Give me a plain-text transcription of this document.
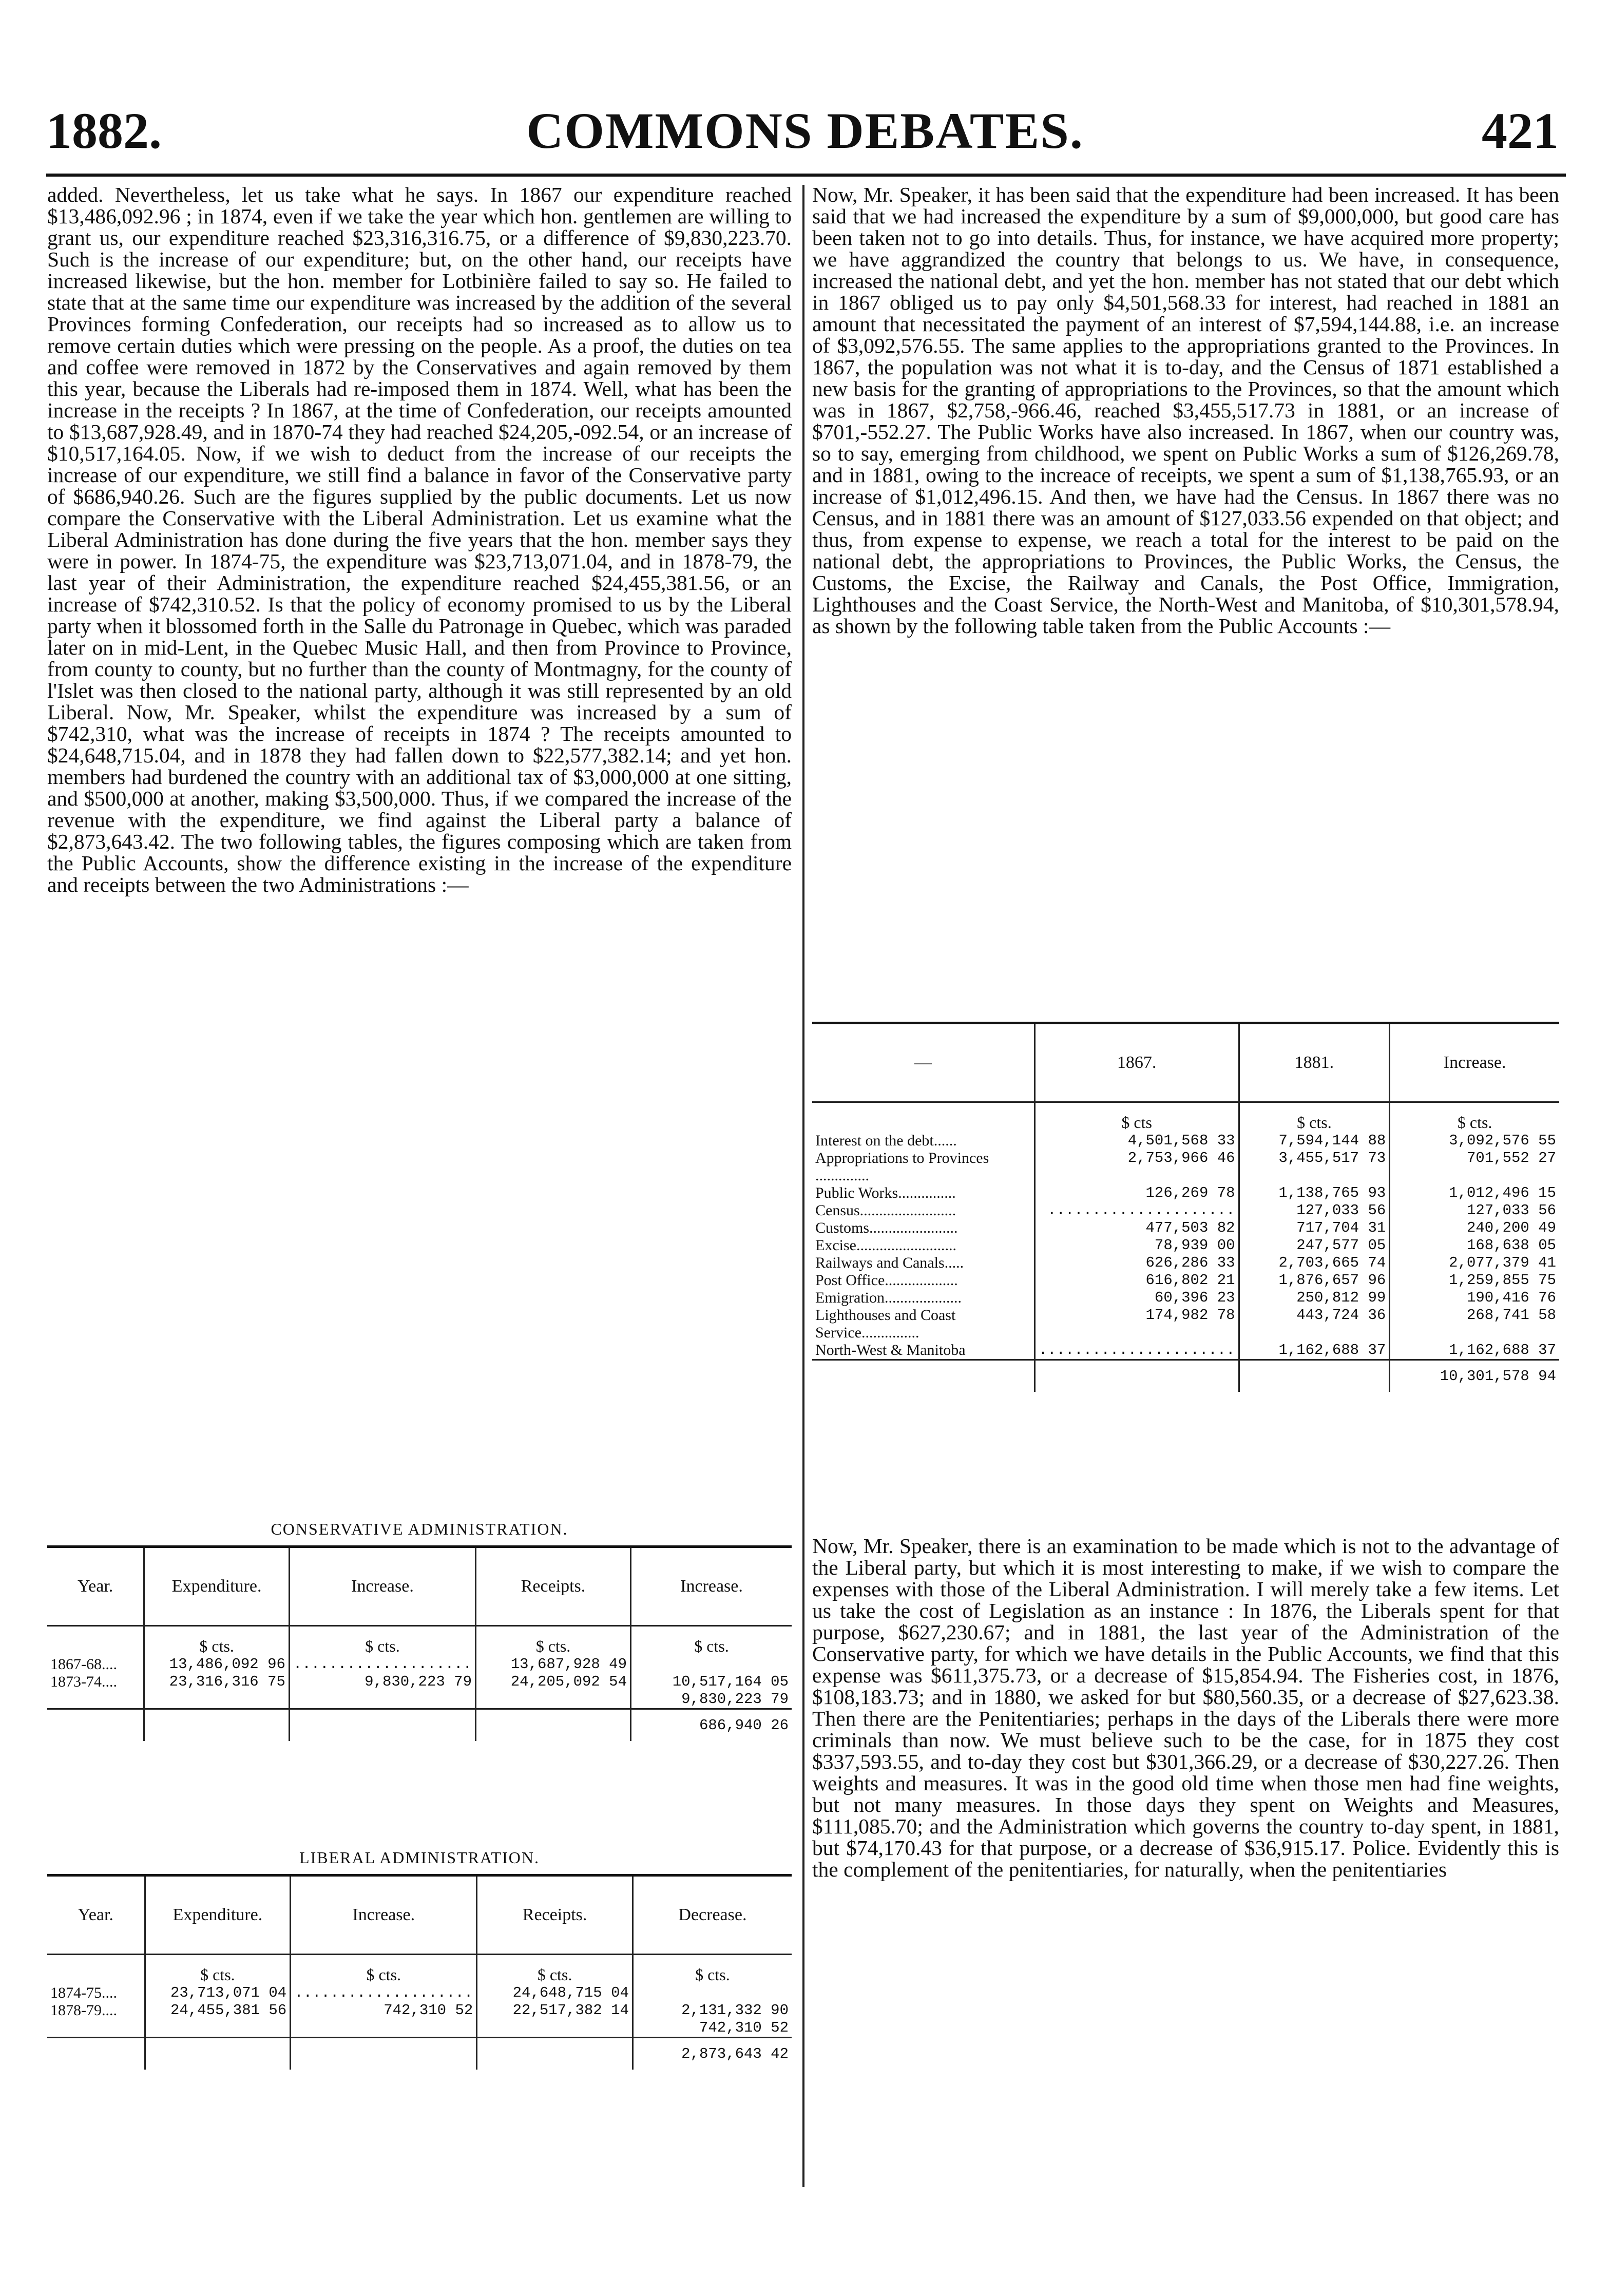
1882.	COMMONS DEBATES.	421

added. Nevertheless, let us take what he says. In 1867 our expenditure reached $13,486,092.96 ; in 1874, even if we take the year which hon. gentlemen are willing to grant us, our expenditure reached $23,316,316.75, or a difference of $9,830,223.70. Such is the increase of our expenditure; but, on the other hand, our receipts have increased likewise, but the hon. member for Lotbinière failed to say so. He failed to state that at the same time our expenditure was increased by the addition of the several Provinces forming Confederation, our receipts had so increased as to allow us to remove certain duties which were pressing on the people. As a proof, the duties on tea and coffee were removed in 1872 by the Conservatives and again removed by them this year, because the Liberals had re-imposed them in 1874. Well, what has been the increase in the receipts ? In 1867, at the time of Confederation, our receipts amounted to $13,687,928.49, and in 1870-74 they had reached $24,205,-092.54, or an increase of $10,517,164.05. Now, if we wish to deduct from the increase of our receipts the increase of our expenditure, we still find a balance in favor of the Conservative party of $686,940.26. Such are the figures supplied by the public documents. Let us now compare the Conservative with the Liberal Administration. Let us examine what the Liberal Administration has done during the five years that the hon. member says they were in power. In 1874-75, the expenditure was $23,713,071.04, and in 1878-79, the last year of their Administration, the expenditure reached $24,455,381.56, or an increase of $742,310.52. Is that the policy of economy promised to us by the Liberal party when it blossomed forth in the Salle du Patronage in Quebec, which was paraded later on in mid-Lent, in the Quebec Music Hall, and then from Province to Province, from county to county, but no further than the county of Montmagny, for the county of l'Islet was then closed to the national party, although it was still represented by an old Liberal. Now, Mr. Speaker, whilst the expenditure was increased by a sum of $742,310, what was the increase of receipts in 1874 ? The receipts amounted to $24,648,715.04, and in 1878 they had fallen down to $22,577,382.14; and yet hon. members had burdened the country with an additional tax of $3,000,000 at one sitting, and $500,000 at another, making $3,500,000. Thus, if we compared the increase of the revenue with the expenditure, we find against the Liberal party a balance of $2,873,643.42. The two following tables, the figures composing which are taken from the Public Accounts, show the difference existing in the increase of the expenditure and receipts between the two Administrations :—

CONSERVATIVE ADMINISTRATION.
Year.	Expenditure.	Increase.	Receipts.	Increase.
	$ cts.	$ cts.	$ cts.	$ cts.
1867-68....	13,486,092 96	....................	13,687,928 49	
1873-74....	23,316,316 75	9,830,223 79	24,205,092 54	10,517,164 05
				9,830,223 79
				686,940 26
LIBERAL ADMINISTRATION.
Year.	Expenditure.	Increase.	Receipts.	Decrease.
	$ cts.	$ cts.	$ cts.	$ cts.
1874-75....	23,713,071 04	....................	24,648,715 04	
1878-79....	24,455,381 56	742,310 52	22,517,382 14	2,131,332 90
				742,310 52
				2,873,643 42

Now, Mr. Speaker, it has been said that the expenditure had been increased. It has been said that we had increased the expenditure by a sum of $9,000,000, but good care has been taken not to go into details. Thus, for instance, we have acquired more property; we have aggrandized the country that belongs to us. We have, in consequence, increased the national debt, and yet the hon. member has not stated that our debt which in 1867 obliged us to pay only $4,501,568.33 for interest, had reached in 1881 an amount that necessitated the payment of an interest of $7,594,144.88, i.e. an increase of $3,092,576.55. The same applies to the appropriations granted to the Provinces. In 1867, the population was not what it is to-day, and the Census of 1871 established a new basis for the granting of appropriations to the Provinces, so that the amount which was in 1867, $2,758,-966.46, reached $3,455,517.73 in 1881, or an increase of $701,-552.27. The Public Works have also increased. In 1867, when our country was, so to say, emerging from childhood, we spent on Public Works a sum of $126,269.78, and in 1881, owing to the increace of receipts, we spent a sum of $1,138,765.93, or an increase of $1,012,496.15. And then, we have had the Census. In 1867 there was no Census, and in 1881 there was an amount of $127,033.56 expended on that object; and thus, from expense to expense, we reach a total for the interest to be paid on the national debt, the appropriations to Provinces, the Public Works, the Census, the Customs, the Excise, the Railway and Canals, the Post Office, Immigration, Lighthouses and the Coast Service, the North-West and Manitoba, of $10,301,578.94, as shown by the following table taken from the Public Accounts :—

—	1867.	1881.	Increase.
	$ cts	$ cts.	$ cts.
Interest on the debt......	4,501,568 33	7,594,144 88	3,092,576 55
Appropriations to Provinces ..............	2,753,966 46	3,455,517 73	701,552 27
Public Works...............	126,269 78	1,138,765 93	1,012,496 15
Census.........................	.....................	127,033 56	127,033 56
Customs.......................	477,503 82	717,704 31	240,200 49
Excise..........................	78,939 00	247,577 05	168,638 05
Railways and Canals.....	626,286 33	2,703,665 74	2,077,379 41
Post Office...................	616,802 21	1,876,657 96	1,259,855 75
Emigration....................	60,396 23	250,812 99	190,416 76
Lighthouses and Coast Service...............	174,982 78	443,724 36	268,741 58
North-West & Manitoba	......................	1,162,688 37	1,162,688 37
			10,301,578 94

Now, Mr. Speaker, there is an examination to be made which is not to the advantage of the Liberal party, but which it is most interesting to make, if we wish to compare the expenses with those of the Liberal Administration. I will merely take a few items. Let us take the cost of Legislation as an instance : In 1876, the Liberals spent for that purpose, $627,230.67; and in 1881, the last year of the Administration of the Conservative party, for which we have details in the Public Accounts, we find that this expense was $611,375.73, or a decrease of $15,854.94. The Fisheries cost, in 1876, $108,183.73; and in 1880, we asked for but $80,560.35, or a decrease of $27,623.38. Then there are the Penitentiaries; perhaps in the days of the Liberals there were more criminals than now. We must believe such to be the case, for in 1875 they cost $337,593.55, and to-day they cost but $301,366.29, or a decrease of $30,227.26. Then weights and measures. It was in the good old time when those men had fine weights, but not many measures. In those days they spent on Weights and Measures, $111,085.70; and the Administration which governs the country to-day spent, in 1881, but $74,170.43 for that purpose, or a decrease of $36,915.17. Police. Evidently this is the complement of the penitentiaries, for naturally, when the penitentiaries
